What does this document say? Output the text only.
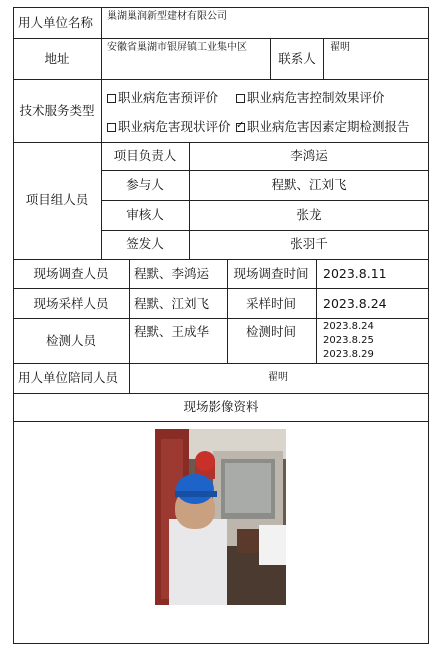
用人单位名称 巢湖巢润新型建材有限公司
地址
安徽省巢湖市银屏镇工业集中区
联系人
翟明
技术服务类型
职业病危害预评价	职业病危害控制效果评价
职业病危害现状评价
✓	职业病危害因素定期检测报告
项目组人员
项目负责人	李鸿运
参与人	程默、江刘飞
审核人	张龙
签发人	张羽千
现场调查人员 程默、李鸿运 现场调查时间 2023.8.11
现场采样人员 程默、江刘飞	采样时间 2023.8.24
检测人员
程默、王成华	检测时间	2023.8.24
2023.8.25
2023.8.29
用人单位陪同人员	翟明
现场影像资料
